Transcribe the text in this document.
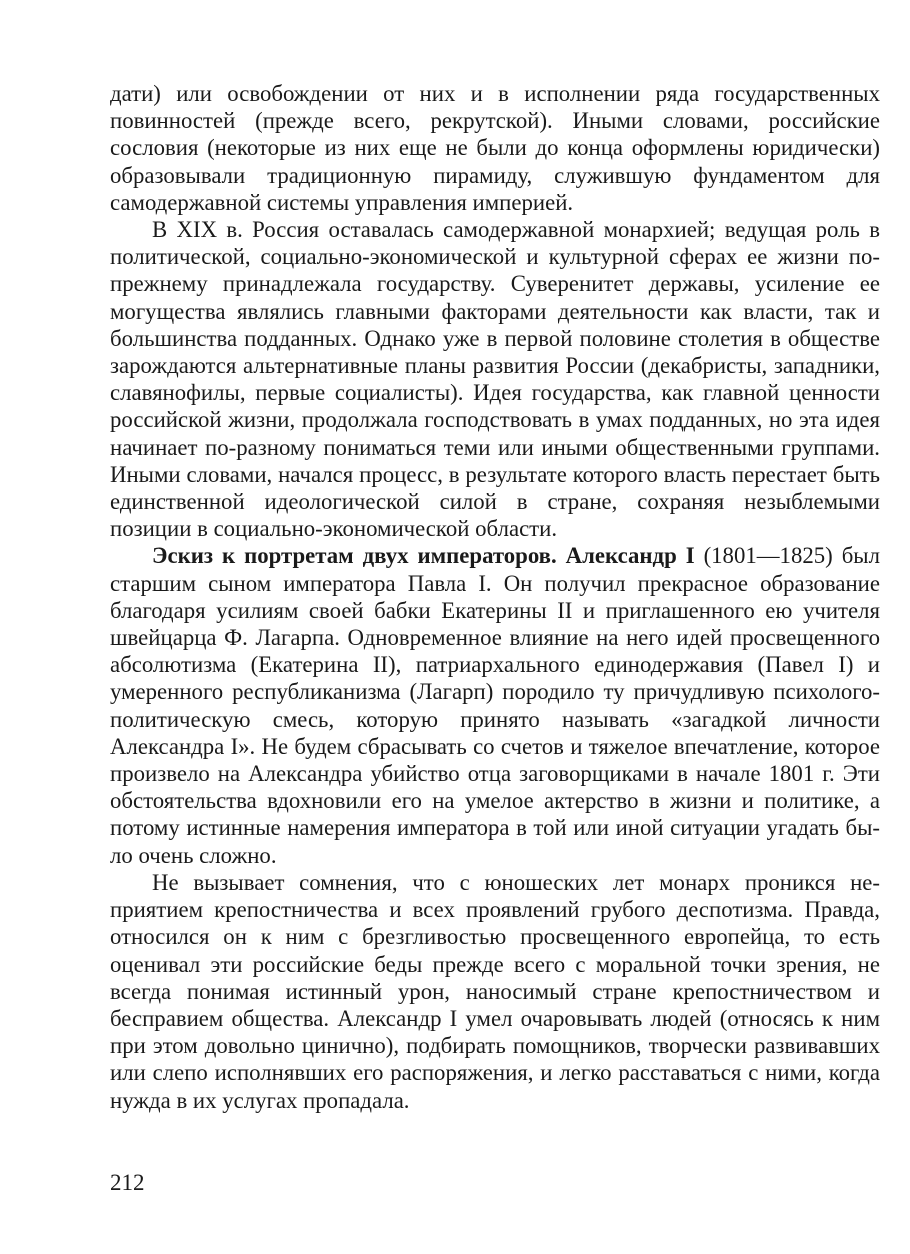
дати) или освобождении от них и в исполнении ряда государственных повинностей (прежде всего, рекрутской). Иными словами, российские сословия (некоторые из них еще не были до конца оформлены юридически) образовывали традиционную пирамиду, служившую фундаментом для самодержавной системы управления империей.

В XIX в. Россия оставалась самодержавной монархией; ведущая роль в политической, социально-экономической и культурной сферах ее жизни по-прежнему принадлежала государству. Суверенитет державы, усиление ее могущества являлись главными факторами деятельности как власти, так и большинства подданных. Однако уже в первой половине столетия в обществе зарождаются альтернативные планы развития России (декабристы, западники, славянофилы, первые социалисты). Идея государства, как главной ценности российской жизни, продолжала господствовать в умах подданных, но эта идея начинает по-разному пониматься теми или иными общественными группами. Иными словами, начался процесс, в результате которого власть перестает быть единственной идеологической силой в стране, сохраняя незыблемыми позиции в социально-экономической области.

Эскиз к портретам двух императоров. Александр I (1801—1825) был старшим сыном императора Павла I. Он получил прекрасное образование благодаря усилиям своей бабки Екатерины II и приглашенного ею учителя швейцарца Ф. Лагарпа. Одновременное влияние на него идей просвещенного абсолютизма (Екатерина II), патриархального единодержавия (Павел I) и умеренного республиканизма (Лагарп) породило ту причудливую психолого-политическую смесь, которую принято называть «загадкой личности Александра I». Не будем сбрасывать со счетов и тяжелое впечатление, которое произвело на Александра убийство отца заговорщиками в начале 1801 г. Эти обстоятельства вдохновили его на умелое актерство в жизни и политике, а потому истинные намерения императора в той или иной ситуации угадать было очень сложно.

Не вызывает сомнения, что с юношеских лет монарх проникся неприятием крепостничества и всех проявлений грубого деспотизма. Правда, относился он к ним с брезгливостью просвещенного европейца, то есть оценивал эти российские беды прежде всего с моральной точки зрения, не всегда понимая истинный урон, наносимый стране крепостничеством и бесправием общества. Александр I умел очаровывать людей (относясь к ним при этом довольно цинично), подбирать помощников, творчески развивавших или слепо исполнявших его распоряжения, и легко расставаться с ними, когда нужда в их услугах пропадала.

212
